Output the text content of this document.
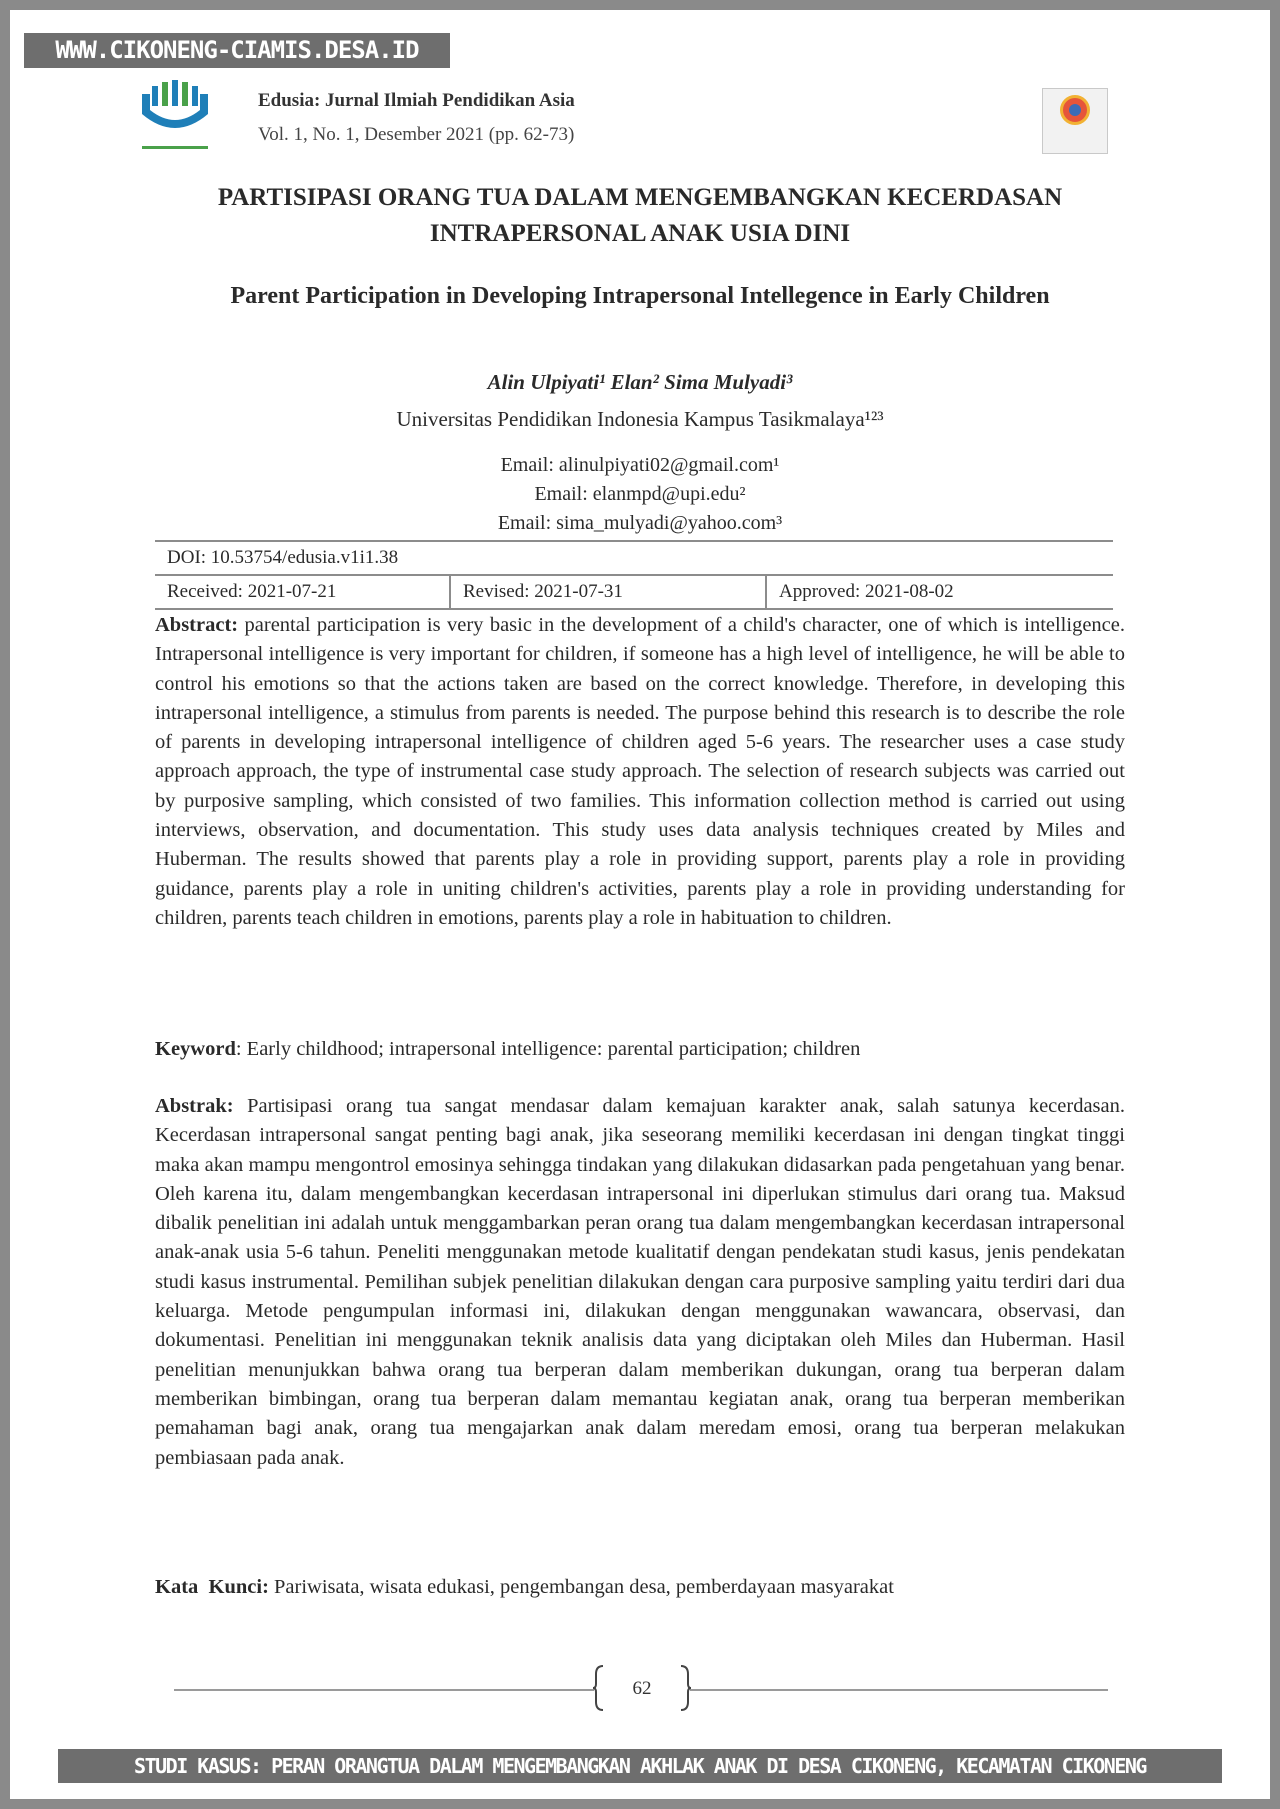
WWW.CIKONENG-CIAMIS.DESA.ID
Edusia: Jurnal Ilmiah Pendidikan Asia
Vol. 1, No. 1, Desember 2021 (pp. 62-73)
PARTISIPASI ORANG TUA DALAM MENGEMBANGKAN KECERDASAN INTRAPERSONAL ANAK USIA DINI
Parent Participation in Developing Intrapersonal Intellegence in Early Children
Alin Ulpiyati¹ Elan² Sima Mulyadi³
Universitas Pendidikan Indonesia Kampus Tasikmalaya¹²³
Email: alinulpiyati02@gmail.com¹
Email: elanmpd@upi.edu²
Email: sima_mulyadi@yahoo.com³
DOI: 10.53754/edusia.v1i1.38
Received: 2021-07-21	Revised: 2021-07-31	Approved: 2021-08-02
Abstract: parental participation is very basic in the development of a child's character, one of which is intelligence. Intrapersonal intelligence is very important for children, if someone has a high level of intelligence, he will be able to control his emotions so that the actions taken are based on the correct knowledge. Therefore, in developing this intrapersonal intelligence, a stimulus from parents is needed. The purpose behind this research is to describe the role of parents in developing intrapersonal intelligence of children aged 5-6 years. The researcher uses a case study approach approach, the type of instrumental case study approach. The selection of research subjects was carried out by purposive sampling, which consisted of two families. This information collection method is carried out using interviews, observation, and documentation. This study uses data analysis techniques created by Miles and Huberman. The results showed that parents play a role in providing support, parents play a role in providing guidance, parents play a role in uniting children's activities, parents play a role in providing understanding for children, parents teach children in emotions, parents play a role in habituation to children.
Keyword: Early childhood; intrapersonal intelligence: parental participation; children
Abstrak: Partisipasi orang tua sangat mendasar dalam kemajuan karakter anak, salah satunya kecerdasan. Kecerdasan intrapersonal sangat penting bagi anak, jika seseorang memiliki kecerdasan ini dengan tingkat tinggi maka akan mampu mengontrol emosinya sehingga tindakan yang dilakukan didasarkan pada pengetahuan yang benar. Oleh karena itu, dalam mengembangkan kecerdasan intrapersonal ini diperlukan stimulus dari orang tua. Maksud dibalik penelitian ini adalah untuk menggambarkan peran orang tua dalam mengembangkan kecerdasan intrapersonal anak-anak usia 5-6 tahun. Peneliti menggunakan metode kualitatif dengan pendekatan studi kasus, jenis pendekatan studi kasus instrumental. Pemilihan subjek penelitian dilakukan dengan cara purposive sampling yaitu terdiri dari dua keluarga. Metode pengumpulan informasi ini, dilakukan dengan menggunakan wawancara, observasi, dan dokumentasi. Penelitian ini menggunakan teknik analisis data yang diciptakan oleh Miles dan Huberman. Hasil penelitian menunjukkan bahwa orang tua berperan dalam memberikan dukungan, orang tua berperan dalam memberikan bimbingan, orang tua berperan dalam memantau kegiatan anak, orang tua berperan memberikan pemahaman bagi anak, orang tua mengajarkan anak dalam meredam emosi, orang tua berperan melakukan pembiasaan pada anak.
Kata  Kunci: Pariwisata, wisata edukasi, pengembangan desa, pemberdayaan masyarakat
62
STUDI KASUS: PERAN ORANGTUA DALAM MENGEMBANGKAN AKHLAK ANAK DI DESA CIKONENG, KECAMATAN CIKONENG
